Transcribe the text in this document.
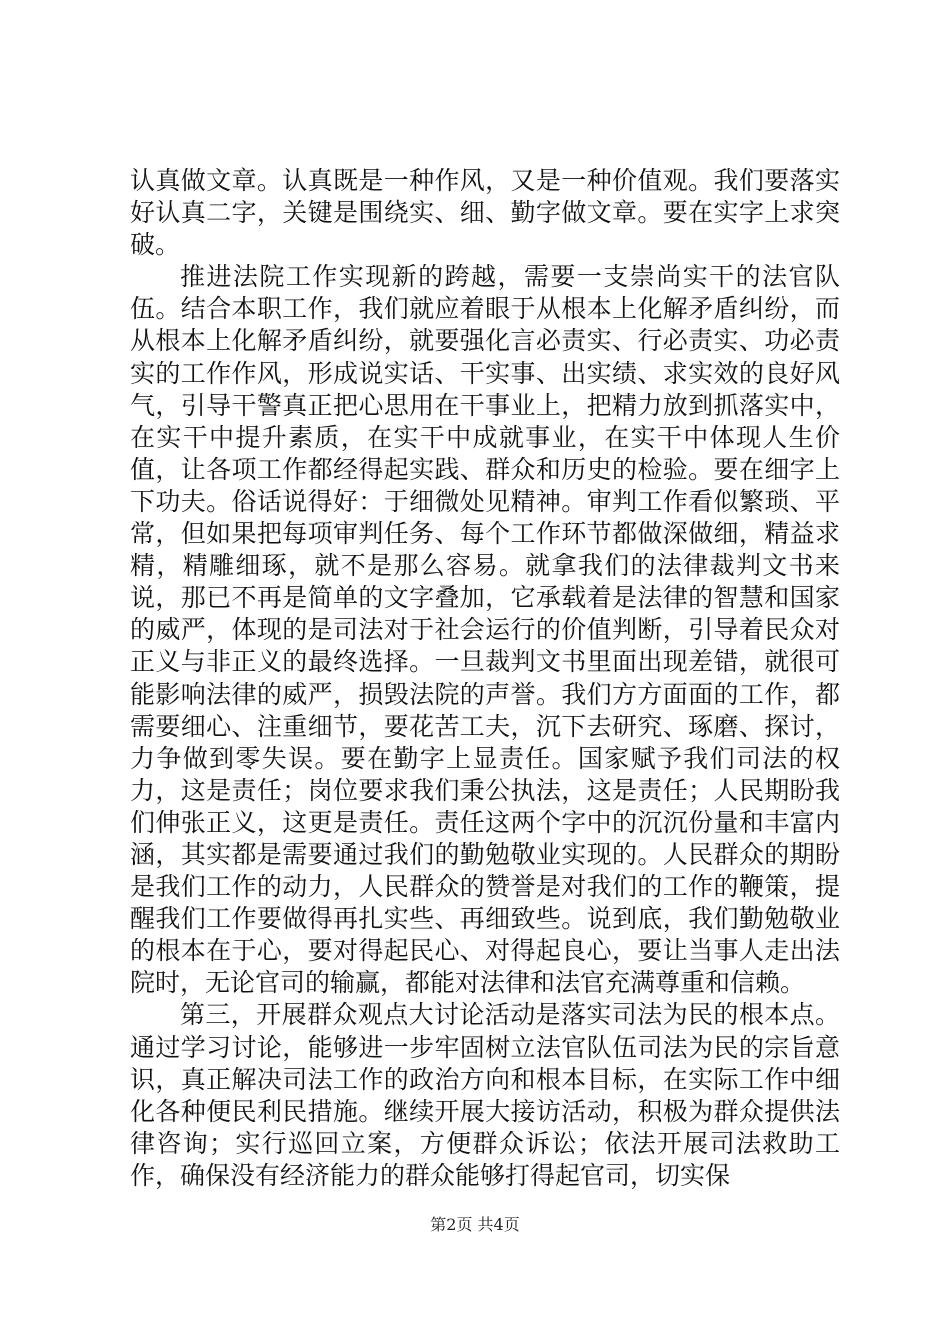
认真做文章。认真既是一种作风，又是一种价值观。我们要落实好认真二字，关键是围绕实、细、勤字做文章。要在实字上求突破。

推进法院工作实现新的跨越，需要一支崇尚实干的法官队伍。结合本职工作，我们就应着眼于从根本上化解矛盾纠纷，而从根本上化解矛盾纠纷，就要强化言必责实、行必责实、功必责实的工作作风，形成说实话、干实事、出实绩、求实效的良好风气，引导干警真正把心思用在干事业上，把精力放到抓落实中，在实干中提升素质，在实干中成就事业，在实干中体现人生价值，让各项工作都经得起实践、群众和历史的检验。要在细字上下功夫。俗话说得好：于细微处见精神。审判工作看似繁琐、平常，但如果把每项审判任务、每个工作环节都做深做细，精益求精，精雕细琢，就不是那么容易。就拿我们的法律裁判文书来说，那已不再是简单的文字叠加，它承载着是法律的智慧和国家的威严，体现的是司法对于社会运行的价值判断，引导着民众对正义与非正义的最终选择。一旦裁判文书里面出现差错，就很可能影响法律的威严，损毁法院的声誉。我们方方面面的工作，都需要细心、注重细节，要花苦工夫，沉下去研究、琢磨、探讨，力争做到零失误。要在勤字上显责任。国家赋予我们司法的权力，这是责任；岗位要求我们秉公执法，这是责任；人民期盼我们伸张正义，这更是责任。责任这两个字中的沉沉份量和丰富内涵，其实都是需要通过我们的勤勉敬业实现的。人民群众的期盼是我们工作的动力，人民群众的赞誉是对我们的工作的鞭策，提醒我们工作要做得再扎实些、再细致些。说到底，我们勤勉敬业的根本在于心，要对得起民心、对得起良心，要让当事人走出法院时，无论官司的输赢，都能对法律和法官充满尊重和信赖。

第三，开展群众观点大讨论活动是落实司法为民的根本点。通过学习讨论，能够进一步牢固树立法官队伍司法为民的宗旨意识，真正解决司法工作的政治方向和根本目标，在实际工作中细化各种便民利民措施。继续开展大接访活动，积极为群众提供法律咨询；实行巡回立案，方便群众诉讼；依法开展司法救助工作，确保没有经济能力的群众能够打得起官司，切实保

第2页 共4页
